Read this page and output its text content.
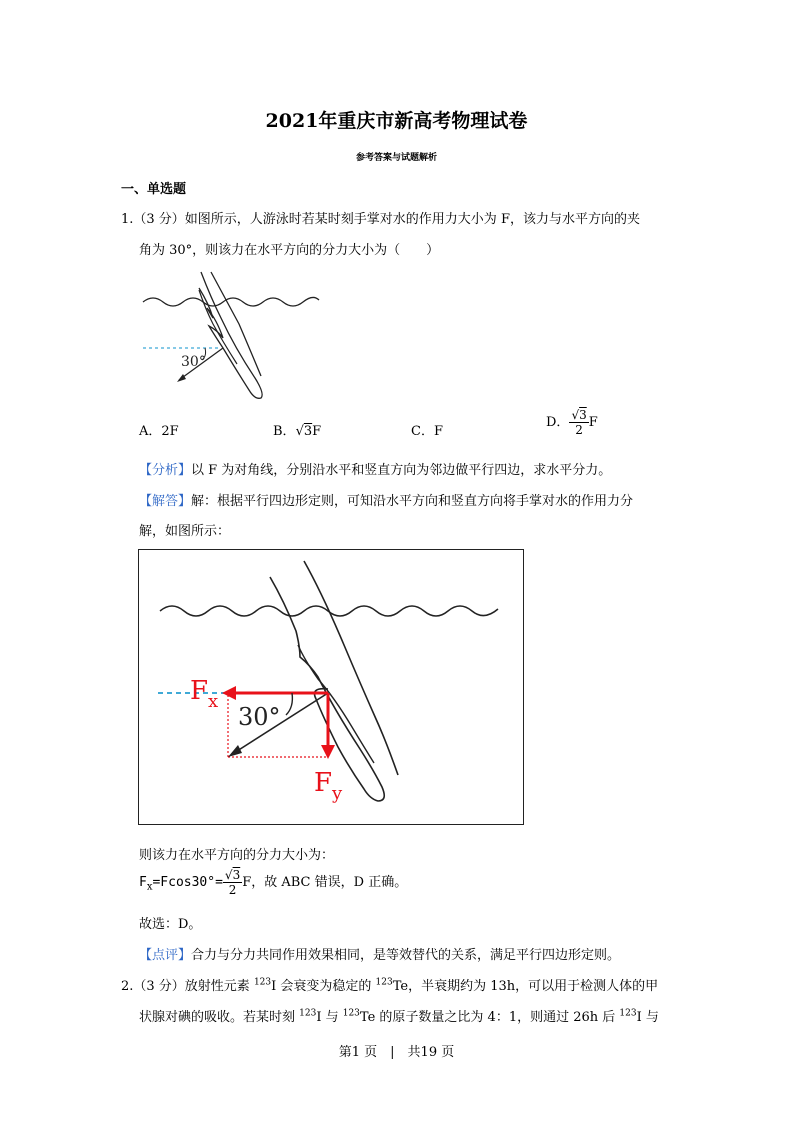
2021年重庆市新高考物理试卷
参考答案与试题解析
一、单选题
1.（3 分）如图所示，人游泳时若某时刻手掌对水的作用力大小为 F，该力与水平方向的夹
角为 30°，则该力在水平方向的分力大小为（　　）
30°
A．2F	B．√3F	C．F
D． $\frac{√3}{2}$ F
【分析】以 F 为对角线，分别沿水平和竖直方向为邻边做平行四边，求水平分力。
【解答】解：根据平行四边形定则，可知沿水平方向和竖直方向将手掌对水的作用力分
解，如图所示：
30°
$F_x$
$F_y$
则该力在水平方向的分力大小为：
$F_x=Fcos30^\circ= \frac{√3}{2}$ F，故 ABC 错误，D 正确。
故选：D。
【点评】合力与分力共同作用效果相同，是等效替代的关系，满足平行四边形定则。
2.（3 分）放射性元素 $^{123}$I 会衰变为稳定的 $^{123}$Te，半衰期约为 13h，可以用于检测人体的甲
状腺对碘的吸收。若某时刻 $^{123}$I 与 $^{123}$Te 的原子数量之比为 4：1，则通过 26h 后 $^{123}$I 与
第1 页　|　共19 页
